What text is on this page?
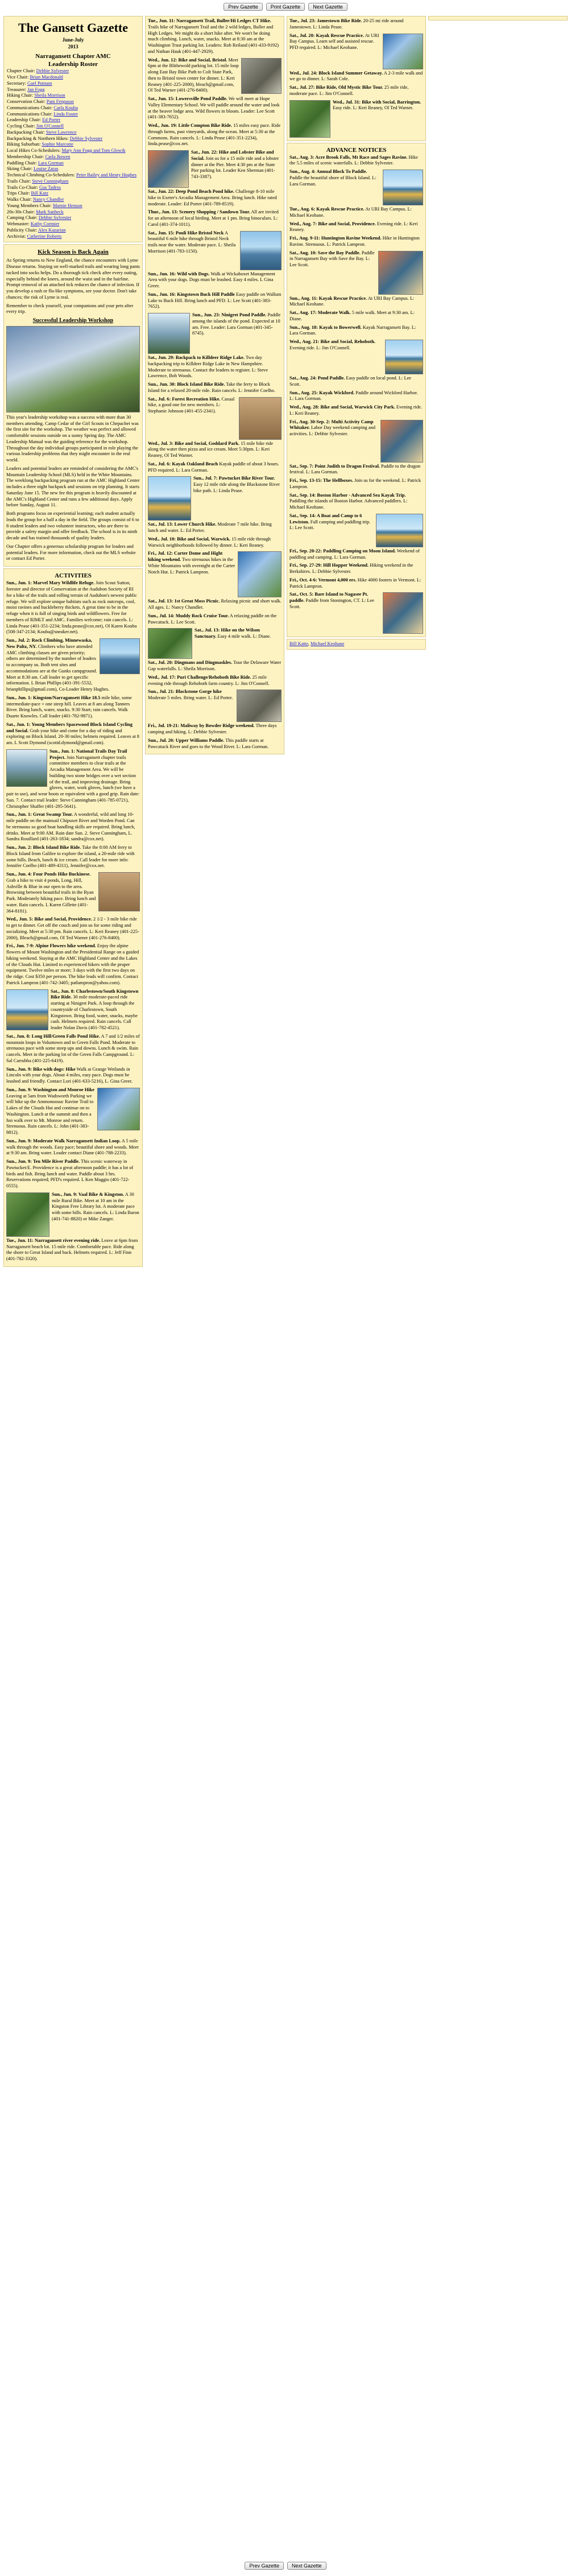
Prev Gazette	Print Gazette	Next Gazette
The Gansett Gazette
June-July
2013
Narragansett Chapter AMC
Leadership Roster
Chapter Chair: Debbie Sylvester
Vice Chair: Brian Macdonald
Secretary: Gael Putnam
Treasurer: Jan Fogg
Hiking Chair: Sheila Morrison
Conservation Chair: Pam Ferguson
Communications Chair: Carla Kouba
Communications Chair: Linda Foster
Leadership Chair: Ed Porter
Cycling Chair: Jim O'Connell
Backpacking Chair: Steve Lawrence
Backpacking & Northern Hikes: Debbie Sylvester
Biking Suburban: Sophie Marcotte
Local Hikes Co-Schedulers: Mary Ann Fogg and Tom Glowik
Membership Chair: Carla Bowen
Paddling Chair: Lara Gorman
Skiing Chair: Louise Zaras
Technical Climbing Co-Schedulers: Peter Bailey and Henry Hughes
Trails Chair: Steve Cunningham
Trails Co-Chair: Gus Tadros
Trips Chair: Bill Katz
Walks Chair: Nancy Chandler
Young Members Chair: Marnie Henson
20s-30s Chair: Mark Sanbeck
Camping Chair: Debbie Sylvester
Webmaster: Kathy Cormier
Publicity Chair: Alex Kazarian
Archivist: Catherine Roberts
Kick Season is Back Again

As Spring returns to New England, the chance encounters with Lyme Disease returns. Staying on well-marked trails and wearing long pants tucked into socks helps. Do a thorough tick check after every outing, especially behind the knees, around the waist and in the hairline. Prompt removal of an attached tick reduces the chance of infection. If you develop a rash or flu-like symptoms, see your doctor. Don't take chances; the risk of Lyme is real.

Remember to check yourself, your companions and your pets after every trip.

Successful Leadership Workshop

This year's leadership workshop was a success with more than 30 members attending. Camp Cedar of the Girl Scouts in Chepachet was the first site for the workshop. The weather was perfect and allowed comfortable sessions outside on a sunny Spring day. The AMC Leadership Manual was the guiding reference for the workshop. Throughout the day individual groups participated in role playing the various leadership problems that they might encounter in the real world.

Leaders and potential leaders are reminded of considering the AMC's Mountain Leadership School (MLS) held in the White Mountains. The weeklong backpacking program run at the AMC Highland Center includes a three night backpack and sessions on trip planning. It starts Saturday June 15. The new fee this program is heavily discounted at the AMC's Highland Center and runs a few additional days. Apply before Sunday, August 11.

Both programs focus on experiential learning; each student actually leads the group for a half a day in the field. The groups consist of 6 to 8 student leaders and two volunteer instructors, who are there to provide a safety margin and offer feedback. The school is in its ninth decade and has trained thousands of quality leaders.

Our Chapter offers a generous scholarship program for leaders and potential leaders. For more information, check out the MLS website or contact Ed Porter.

ACTIVITIES

Sun., Jun. 1: Marvel Mary Wildlife Refuge. Join Scout Sutton, forester and director of Conservation at the Audubon Society of RI for a hike of the trails and rolling terrain of Audubon's newest public refuge. We will explore unique habitats such as rock outcrops, cool, moist ravines and huckleberry thickets. A great time to be in the refuge when it is full of singing birds and wildflowers. Free for members of RIMLT and AMC. Families welcome; rain cancels. L: Linda Pease (401-351-2234; linda.pease@cox.net), Ol Karen Kouba (508-347-2134; Kouba@sneaker.net).

Sun., Jul. 2: Rock Climbing, Minnewaska, New Paltz, NY. Climbers who have attended AMC climbing classes are given priority; others are determined by the number of leaders to accompany us. Both tent sites and accommodations are at the Gunks campground. Meet at 8:30 am. Call leader to get specific information. L Brian Phillips (401-391-5532, brianphillips@gmail.com), Co-Leader Henry Hughes.

Sun., Jun. 1: Kingston/Narragansett Hike 18.5 mile hike, some intermediate-pace + one steep hill. Leaves at 8 am along Tanners River. Bring lunch, water, snacks. 9:30 Start; rain cancels. Walk Duarte Knowles. Call leader (401-782-9871).

Sat., Jun. 1: Young Members Spacewood Block Island Cycling and Social. Grab your bike and come for a day of riding and exploring on Block Island. 20-30 miles; helmets required. Leaves at 8 am. L Scott Dymond (scottd.dymond@gmail.com).

Sun., Jun. 1: National Trails Day Trail Project. Join Narragansett chapter trails committee members to clear trails at the Arcadia Management Area. We will be building two stone bridges over a wet section of the trail, and improving drainage. Bring gloves, water, work gloves, lunch (we have a pair to use), and wear boots or equivalent with a good grip. Rain date: Sun. 7. Contact trail leader: Steve Cunningham (401-785-0721), Christopher Shaffer (401-295-5641).

Sun., Jun. 1: Great Swamp Tour. A wonderful, wild and long 10-mile paddle on the mainsail Chipuxet River and Worden Pond. Can be strenuous so good boat handling skills are required. Bring lunch, drinks. Meet at 9:00 AM. Rain date Sun. 2. Steve Cunningham, L. Sandra Rouillard (401-263-1834; sandra@cox.net).

Sun., Jun. 2: Block Island Bike Ride. Take the 8:00 AM ferry to Block Island from Galilee to explore the island, a 20-mile ride with some hills. Beach, lunch & ice cream. Call leader for more info: Jennifer Coelho (401-489-4311), Jennifer@cox.net.

Sun., Jun. 4: Four Ponds Hike Buckinese. Grab a hike to visit 4 ponds, Long, Hill, Ashville & Blue in our open to the area. Browsing between beautiful trails in the Ryan Park. Moderately hiking pace. Bring lunch and water. Rain cancels. L Karen Gillette (401-364-8181).

Wed., Jun. 5: Bike and Social, Providence. 2 1/2 - 3 mile bike ride to get to dinner. Get off the couch and join us for some riding and socializing. Meet at 5:30 pm. Rain cancels. L: Keri Reaney (401-225-2000), Bleach@gmail.com, Ol Ted Warner (401-276-8400).

Fri., Jun. 7-9: Alpine Flowers hike weekend. Enjoy the alpine flowers of Mount Washington and the Presidential Range on a guided hiking weekend. Staying at the AMC Highland Center and the Lakes of the Clouds Hut. Limited to experienced hikers with the proper equipment. Twelve miles or more; 3 days with the first two days on the ridge. Cost $350 per person. The hike leads will confirm. Contact Patrick Lampron (401-742-3405; patlampron@yahoo.com).

Sat., Jun. 8: Charlestown/South Kingstown Bike Ride. 30 mile moderate-paced ride starting at Ninigret Park. A loop through the countryside of Charlestown, South Kingstown. Bring food, water, snacks, maybe cash. Helmets required. Rain cancels. Call leader Nolan Davis (401-782-4521).

Sat., Jun. 8: Long Hill/Green Falls Pond Hike. A 7 and 1/2 miles of mountain loops in Voluntown and to Green Falls Pond. Moderate to strenuous pace with some steep ups and downs. Lunch & swim. Rain cancels. Meet in the parking lot of the Green Falls Campground. L: Sal Carrubba (401-225-6419).

Sun., Jun. 9: Bike with dogs: Hike Walk at Grange Wetlands in Lincoln with your dogs. About 4 miles, easy pace. Dogs must be leashed and friendly. Contact Lori (401-633-5216), L. Gina Greer.

Sun., Jun. 9: Washington and Monroe Hike Leaving at 5am from Wadsworth Parking we will hike up the Ammonoosuc Ravine Trail to Lakes of the Clouds Hut and continue on to Washington. Lunch at the summit and then a fun walk over to Mt. Monroe and return. Strenuous. Rain cancels. L: John (401-383-8812).

Sun., Jun. 9: Moderate Walk Narragansett Indian Loop. A 5 mile walk through the woods. Easy pace; beautiful shore and woods. Meet at 9:30 am. Bring water. Leader contact Diane (401-788-2233).

Sun., Jun. 9: Ten Mile River Paddle. This scenic waterway in Pawtucket/E. Providence is a great afternoon paddle; it has a lot of birds and fish. Bring lunch and water. Paddle about 3 hrs. Reservations required; PFD's required. L Ken Maggio (401-722-0555).

Sun., Jun. 9: Vaal Bike & Kingston. A 30 mile Rural Bike. Meet at 10 am in the Kingston Free Library lot. A moderate pace with some hills. Rain cancels. L: Linda Baron (401-741-8820) or Mike Zanger.

Tue., Jun. 11: Narragansett river evening ride. Leave at 6pm from Narragansett beach lot. 15 mile ride. Comfortable pace. Ride along the shore to Great Island and back. Helmets required. L: Jeff Finn (401-782-3320).

Tue., Jun. 11: Narragansett Trail, Buller/Hi Ledges CT Hike. Trails hike of Narragansett Trail and the 2 wild ledges, Buller and High Ledges. We might do a short hike after. We won't be doing much climbing. Lunch, water, snacks. Meet at 8:30 am at the Washington Trust parking lot. Leaders: Rob Reiland (401-433-9192) and Nathan Hauk (401-447-2929).

Wed., Jun. 12: Bike and Social, Bristol. Meet 6pm at the Blithewold parking lot. 15 mile loop along East Bay Bike Path to Colt State Park, then to Bristol town center for dinner. L: Keri Reaney (401-225-2000), bleach@gmail.com, Ol Ted Warner (401-276-8400).

Sat., Jun. 15: Lowersville Pond Paddle. We will meet at Hope Valley Elementary School. We will paddle around the water and look at the beaver lodge area. Wild flowers in bloom. Leader: Lee Scott (401-383-7652).

Wed., Jun. 19: Little Compton Bike Ride. 15 miles easy pace. Ride through farms, past vineyards, along the ocean. Meet at 5:30 at the Commons. Rain cancels. L: Linda Pease (401-351-2234), linda.pease@cox.net.

Sat., Jun. 22: Hike and Lobster Bike and Social. Join us for a 15 mile ride and a lobster dinner at the Pier. Meet 4:30 pm at the State Pier parking lot. Leader Ken Sherman (401-743-3387).

Sat., Jun. 22: Deep Pond Beach Pond hike. Challenge 8-10 mile hike in Exeter's Arcadia Management Area. Bring lunch. Hike rated moderate. Leader: Ed Porter (401-789-8519).

Thur., Jun. 13: Scenery Shopping / Sandown Tour. All are invited for an afternoon of local birding. Meet at 1 pm. Bring binoculars. L: Carol (401-374-1011).

Sat., Jun. 15: Pouli Hike Bristol Neck A beautiful 6 mile hike through Bristol Neck trails near the water. Moderate pace. L: Sheila Morrison (401-783-1150).

Sun., Jun. 16: Wild with Dogs. Walk at Wickaboxet Management Area with your dogs. Dogs must be leashed. Easy 4 miles. L Gina Greer.

Sun., Jun. 16: Kingstown Buck Hill Paddle Easy paddle on Wallum Lake to Buck Hill. Bring lunch and PFD. L: Lee Scott (401-383-7652).

Sun., Jun. 23: Ninigret Pond Paddle. Paddle among the islands of the pond. Expected at 10 am. Free. Leader: Lara Gorman (401-345-8745).

Sat., Jun. 29: Backpack to Killdeer Ridge Lake. Two day backpacking trip to Killdeer Ridge Lake in New Hampshire. Moderate to strenuous. Contact the leaders to register. L: Steve Lawrence, Bob Woods.

Sun., Jun. 30: Block Island Bike Ride. Take the ferry to Block Island for a relaxed 20-mile ride. Rain cancels. L: Jennifer Coelho.

Sat., Jul. 6: Forest Recreation Hike. Casual hike, a good one for new members. L: Stephanie Johnson (401-455-2341).

Wed., Jul. 3: Bike and Social, Goddard Park. 15 mile bike ride along the water then pizza and ice cream. Meet 5:30pm. L: Keri Reaney, Ol Ted Warner.

Sat., Jul. 6: Kayak Oakland Beach Kayak paddle of about 3 hours. PFD required. L: Lara Gorman.

Sun., Jul. 7: Pawtucket Bike River Tour. Easy 12 mile ride along the Blackstone River bike path. L: Linda Pease.

Sat., Jul. 13: Lower Church Hike. Moderate 7 mile hike. Bring lunch and water. L: Ed Porter.

Wed., Jul. 10: Bike and Social, Warwick. 15 mile ride through Warwick neighborhoods followed by dinner. L: Keri Reaney.

Fri., Jul. 12: Carter Dome and Hight hiking weekend. Two strenuous hikes in the White Mountains with overnight at the Carter Notch Hut. L: Patrick Lampron.

Sat., Jul. 13: 1st Great Moss Picnic. Relaxing picnic and short walk. All ages. L: Nancy Chandler.

Sun., Jul. 14: Muddy Rock Cruise Tour. A relaxing paddle on the Pawcatuck. L: Lee Scott.

Sat., Jul. 13: Hike on the Wilson Sanctuary. Easy 4 mile walk. L: Diane.

Sat., Jul. 20: Dingmans and Dingmaskles. Tour the Delaware Water Gap waterfalls. L: Sheila Morrison.

Wed., Jul. 17: Puri Challenge/Rehoboth Bike Ride. 25 mile evening ride through Rehoboth farm country. L: Jim O'Connell.

Sun., Jul. 21: Blackstone Gorge hike Moderate 5 miles. Bring water. L: Ed Porter.

Fri., Jul. 19-21: Maliway by Bowder Ridge weekend. Three days camping and hiking. L: Debbie Sylvester.

Sun., Jul. 20: Upper Williams Paddle. This paddle starts at Pawcatuck River and goes to the Wood River. L: Lara Gorman.

Tue., Jul. 23: Jamestown Bike Ride. 20-25 mi ride around Jamestown. L: Linda Pease.

Sat., Jul. 20: Kayak Rescue Practice. At URI Bay Campus. Learn self and assisted rescue. PFD required. L: Michael Keohane.

Wed., Jul. 24: Block Island Summer Getaway. A 2-3 mile walk and we go to dinner. L: Sarah Cole.

Sat., Jul. 27: Bike Ride, Old Mystic Bike Tour. 25 mile ride, moderate pace. L: Jim O'Connell.

Wed., Jul. 31: Bike with Social, Barrington. Easy ride. L: Keri Reaney, Ol Ted Warner.

ADVANCE NOTICES

Sat., Aug. 3: Acre Brook Falls, Mt Race and Sages Ravine. Hike the 5.5 miles of scenic waterfalls. L: Debbie Sylvester.

Sun., Aug. 4: Annual Block To Paddle. Paddle the beautiful shore of Block Island. L: Lara Gorman.

Tue., Aug. 6: Kayak Rescue Practice. At URI Bay Campus. L: Michael Keohane.

Wed., Aug. 7: Bike and Social, Providence. Evening ride. L: Keri Reaney.

Fri., Aug. 9-11: Huntington Ravine Weekend. Hike in Huntington Ravine. Strenuous. L: Patrick Lampron.

Sat., Aug. 10: Save the Bay Paddle. Paddle in Narragansett Bay with Save the Bay. L: Lee Scott.

Sun., Aug. 11: Kayak Rescue Practice. At URI Bay Campus. L: Michael Keohane.

Sat., Aug. 17: Moderate Walk. 5 mile walk. Meet at 9:30 am. L: Diane.

Sun., Aug. 18: Kayak to Bowerwell. Kayak Narragansett Bay. L: Lara Gorman.

Wed., Aug. 21: Bike and Social, Rehoboth. Evening ride. L: Jim O'Connell.

Sat., Aug. 24: Pond Paddle. Easy paddle on local pond. L: Lee Scott.

Sun., Aug. 25: Kayak Wickford. Paddle around Wickford Harbor. L: Lara Gorman.

Wed., Aug. 28: Bike and Social, Warwick City Park. Evening ride. L: Keri Reaney.

Fri., Aug. 30-Sep. 2: Multi Activity Camp Whitaker. Labor Day weekend camping and activities. L: Debbie Sylvester.

Sat., Sep. 7: Point Judith to Dragon Festival. Paddle to the dragon festival. L: Lara Gorman.

Fri., Sep. 13-15: The Hellboxes. Join us for the weekend. L: Patrick Lampron.

Sat., Sep. 14: Boston Harbor - Advanced Sea Kayak Trip. Paddling the islands of Boston Harbor. Advanced paddlers. L: Michael Keohane.

Sat., Sep. 14: A Boat and Camp to 6 Lewiston. Fall camping and paddling trip. L: Lee Scott.

Fri., Sep. 20-22: Paddling Camping on Moon Island. Weekend of paddling and camping. L: Lara Gorman.

Fri., Sep. 27-29: Hill Hopper Weekend. Hiking weekend in the Berkshires. L: Debbie Sylvester.

Fri., Oct. 4-6: Vermont 4,000 ers. Hike 4000 footers in Vermont. L: Patrick Lampron.

Sat., Oct. 5: Bare Island to Nagasee Pt. paddle. Paddle from Stonington, CT. L: Lee Scott.

Bill Katte, Michael Keohane
Prev Gazette	Next Gazette
